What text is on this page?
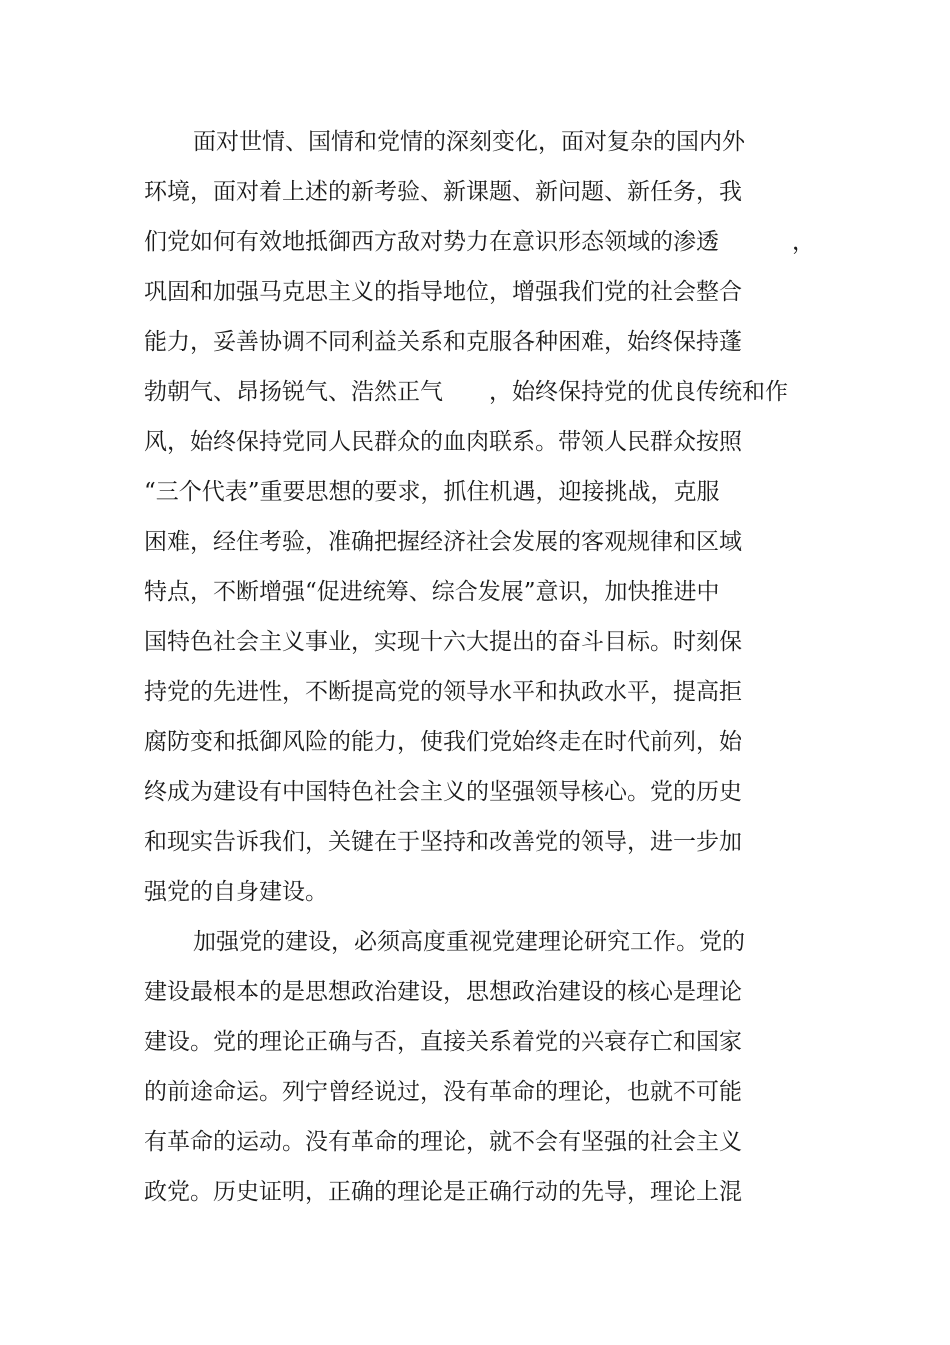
面对世情、国情和党情的深刻变化，面对复杂的国内外
环境，面对着上述的新考验、新课题、新问题、新任务，我
们党如何有效地抵御西方敌对势力在意识形态领域的渗透	，
巩固和加强马克思主义的指导地位，增强我们党的社会整合
能力，妥善协调不同利益关系和克服各种困难，始终保持蓬
勃朝气、昂扬锐气、浩然正气　　，始终保持党的优良传统和作
风，始终保持党同人民群众的血肉联系。带领人民群众按照
“三个代表”重要思想的要求，抓住机遇，迎接挑战，克服
困难，经住考验，准确把握经济社会发展的客观规律和区域
特点，不断增强“促进统筹、综合发展”意识，加快推进中
国特色社会主义事业，实现十六大提出的奋斗目标。时刻保
持党的先进性，不断提高党的领导水平和执政水平，提高拒
腐防变和抵御风险的能力，使我们党始终走在时代前列，始
终成为建设有中国特色社会主义的坚强领导核心。党的历史
和现实告诉我们，关键在于坚持和改善党的领导，进一步加
强党的自身建设。
加强党的建设，必须高度重视党建理论研究工作。党的
建设最根本的是思想政治建设，思想政治建设的核心是理论
建设。党的理论正确与否，直接关系着党的兴衰存亡和国家
的前途命运。列宁曾经说过，没有革命的理论，也就不可能
有革命的运动。没有革命的理论，就不会有坚强的社会主义
政党。历史证明，正确的理论是正确行动的先导，理论上混
